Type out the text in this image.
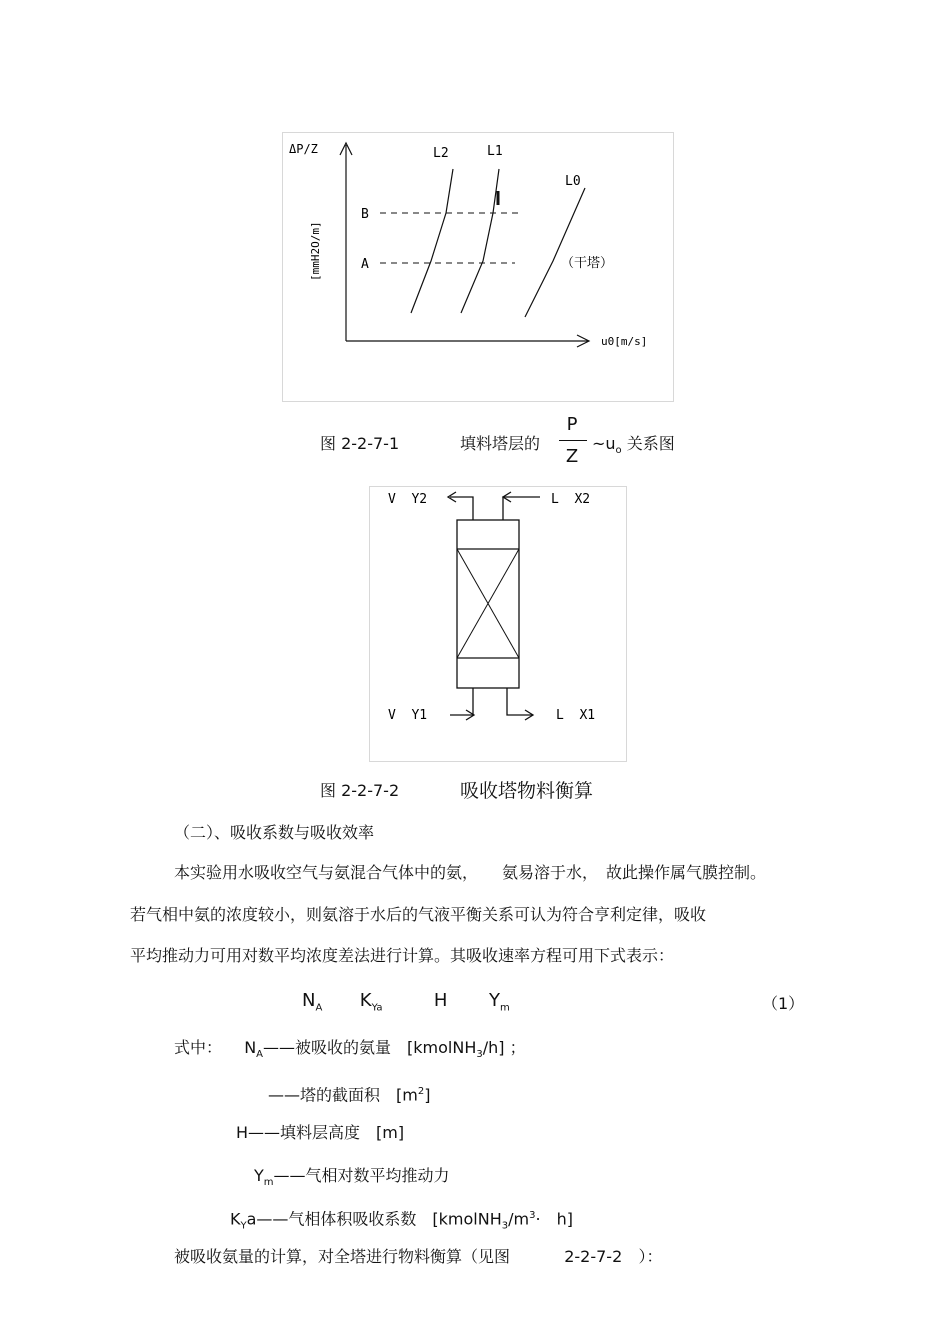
ΔP/Z
[mmH2O/m]
u0[m/s]
B
A
L2	L1
L0
（干塔）
图 2-2-7-1	填料塔层的
P
Z
$\sim u_o$ 关系图
V  Y2	L  X2
V  Y1	L  X1
图 2-2-7-2	吸收塔物料衡算
（二）、吸收系数与吸收效率
本实验用水吸收空气与氨混合气体中的氨，　　氨易溶于水，　故此操作属气膜控制。
若气相中氨的浓度较小，则氨溶于水后的气液平衡关系可认为符合亨利定律，吸收
平均推动力可用对数平均浓度差法进行计算。其吸收速率方程可用下式表示：
$N_A$ $K_{Ya}$	H $Y_m$	（1）
式中： $N_A——$被吸收的氨量　[kmolNH$_3$/h] ；
——塔的截面积　$[m^2]$
H——填料层高度　[m]
$Y_m——$气相对数平均推动力
$K_Ya——$气相体积吸收系数　[$kmolNH_3/m^3\cdot$　h]
被吸收氨量的计算，对全塔进行物料衡算（见图	2-2-7-2 ）：
